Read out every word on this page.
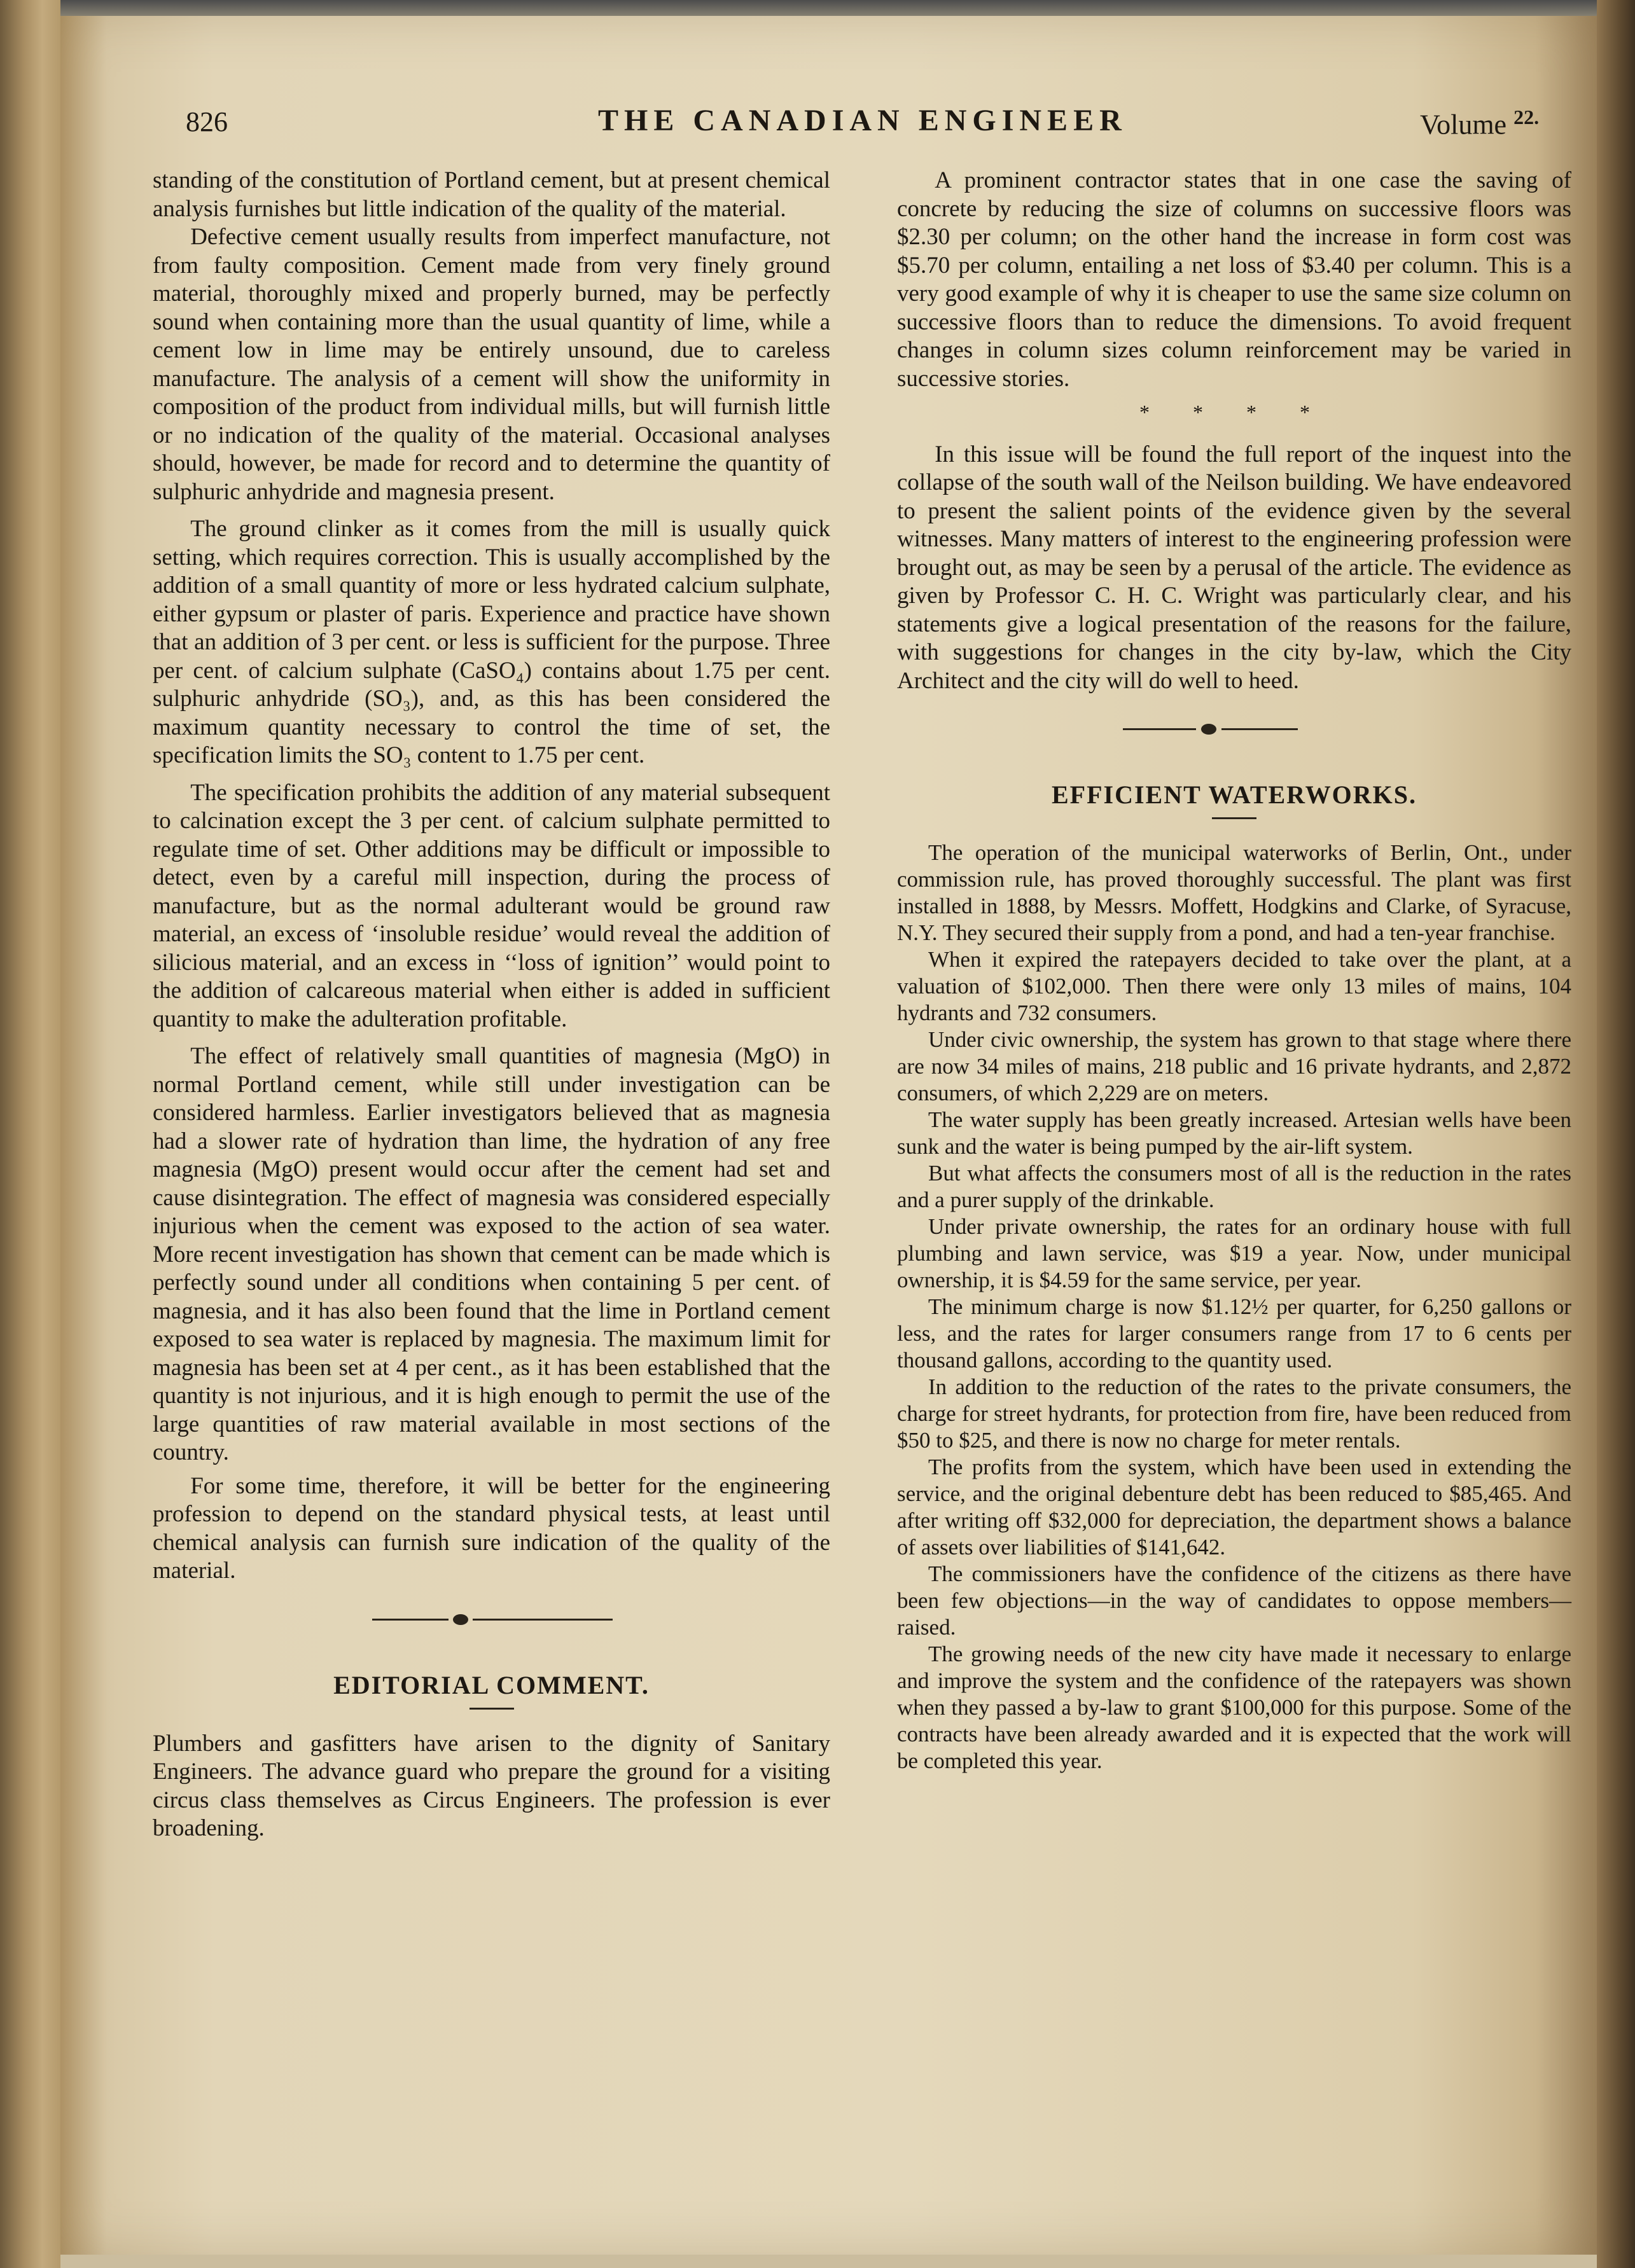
826	THE CANADIAN ENGINEER	Volume $^{22.}$

standing of the constitution of Portland cement, but at present chemical analysis furnishes but little indication of the quality of the material.

Defective cement usually results from imperfect manufacture, not from faulty composition. Cement made from very finely ground material, thoroughly mixed and properly burned, may be perfectly sound when containing more than the usual quantity of lime, while a cement low in lime may be entirely unsound, due to careless manufacture. The analysis of a cement will show the uniformity in composition of the product from individual mills, but will furnish little or no indication of the quality of the material. Occasional analyses should, however, be made for record and to determine the quantity of sulphuric anhydride and magnesia present.

The ground clinker as it comes from the mill is usually quick setting, which requires correction. This is usually accomplished by the addition of a small quantity of more or less hydrated calcium sulphate, either gypsum or plaster of paris. Experience and practice have shown that an addition of 3 per cent. or less is sufficient for the purpose. Three per cent. of calcium sulphate (CaSO₄) contains about 1.75 per cent. sulphuric anhydride (SO₃), and, as this has been considered the maximum quantity necessary to control the time of set, the specification limits the SO₃ content to 1.75 per cent.

The specification prohibits the addition of any material subsequent to calcination except the 3 per cent. of calcium sulphate permitted to regulate time of set. Other additions may be difficult or impossible to detect, even by a careful mill inspection, during the process of manufacture, but as the normal adulterant would be ground raw material, an excess of ‘insoluble residue’ would reveal the addition of silicious material, and an excess in ‘‘loss of ignition’’ would point to the addition of calcareous material when either is added in sufficient quantity to make the adulteration profitable.

The effect of relatively small quantities of magnesia (MgO) in normal Portland cement, while still under investigation can be considered harmless. Earlier investigators believed that as magnesia had a slower rate of hydration than lime, the hydration of any free magnesia (MgO) present would occur after the cement had set and cause disintegration. The effect of magnesia was considered especially injurious when the cement was exposed to the action of sea water. More recent investigation has shown that cement can be made which is perfectly sound under all conditions when containing 5 per cent. of magnesia, and it has also been found that the lime in Portland cement exposed to sea water is replaced by magnesia. The maximum limit for magnesia has been set at 4 per cent., as it has been established that the quantity is not injurious, and it is high enough to permit the use of the large quantities of raw material available in most sections of the country.

For some time, therefore, it will be better for the engineering profession to depend on the standard physical tests, at least until chemical analysis can furnish sure indication of the quality of the material.

EDITORIAL COMMENT.

Plumbers and gasfitters have arisen to the dignity of Sanitary Engineers. The advance guard who prepare the ground for a visiting circus class themselves as Circus Engineers. The profession is ever broadening.

A prominent contractor states that in one case the saving of concrete by reducing the size of columns on successive floors was $2.30 per column; on the other hand the increase in form cost was $5.70 per column, entailing a net loss of $3.40 per column. This is a very good example of why it is cheaper to use the same size column on successive floors than to reduce the dimensions. To avoid frequent changes in column sizes column reinforcement may be varied in successive stories.

* * * *

In this issue will be found the full report of the inquest into the collapse of the south wall of the Neilson building. We have endeavored to present the salient points of the evidence given by the several witnesses. Many matters of interest to the engineering profession were brought out, as may be seen by a perusal of the article. The evidence as given by Professor C. H. C. Wright was particularly clear, and his statements give a logical presentation of the reasons for the failure, with suggestions for changes in the city by-law, which the City Architect and the city will do well to heed.

EFFICIENT WATERWORKS.

The operation of the municipal waterworks of Berlin, Ont., under commission rule, has proved thoroughly successful. The plant was first installed in 1888, by Messrs. Moffett, Hodgkins and Clarke, of Syracuse, N.Y. They secured their supply from a pond, and had a ten-year franchise.

When it expired the ratepayers decided to take over the plant, at a valuation of $102,000. Then there were only 13 miles of mains, 104 hydrants and 732 consumers.

Under civic ownership, the system has grown to that stage where there are now 34 miles of mains, 218 public and 16 private hydrants, and 2,872 consumers, of which 2,229 are on meters.

The water supply has been greatly increased. Artesian wells have been sunk and the water is being pumped by the air-lift system.

But what affects the consumers most of all is the reduction in the rates and a purer supply of the drinkable.

Under private ownership, the rates for an ordinary house with full plumbing and lawn service, was $19 a year. Now, under municipal ownership, it is $4.59 for the same service, per year.

The minimum charge is now $1.12½ per quarter, for 6,250 gallons or less, and the rates for larger consumers range from 17 to 6 cents per thousand gallons, according to the quantity used.

In addition to the reduction of the rates to the private consumers, the charge for street hydrants, for protection from fire, have been reduced from $50 to $25, and there is now no charge for meter rentals.

The profits from the system, which have been used in extending the service, and the original debenture debt has been reduced to $85,465. And after writing off $32,000 for depreciation, the department shows a balance of assets over liabilities of $141,642.

The commissioners have the confidence of the citizens as there have been few objections—in the way of candidates to oppose members—raised.

The growing needs of the new city have made it necessary to enlarge and improve the system and the confidence of the ratepayers was shown when they passed a by-law to grant $100,000 for this purpose. Some of the contracts have been already awarded and it is expected that the work will be completed this year.
